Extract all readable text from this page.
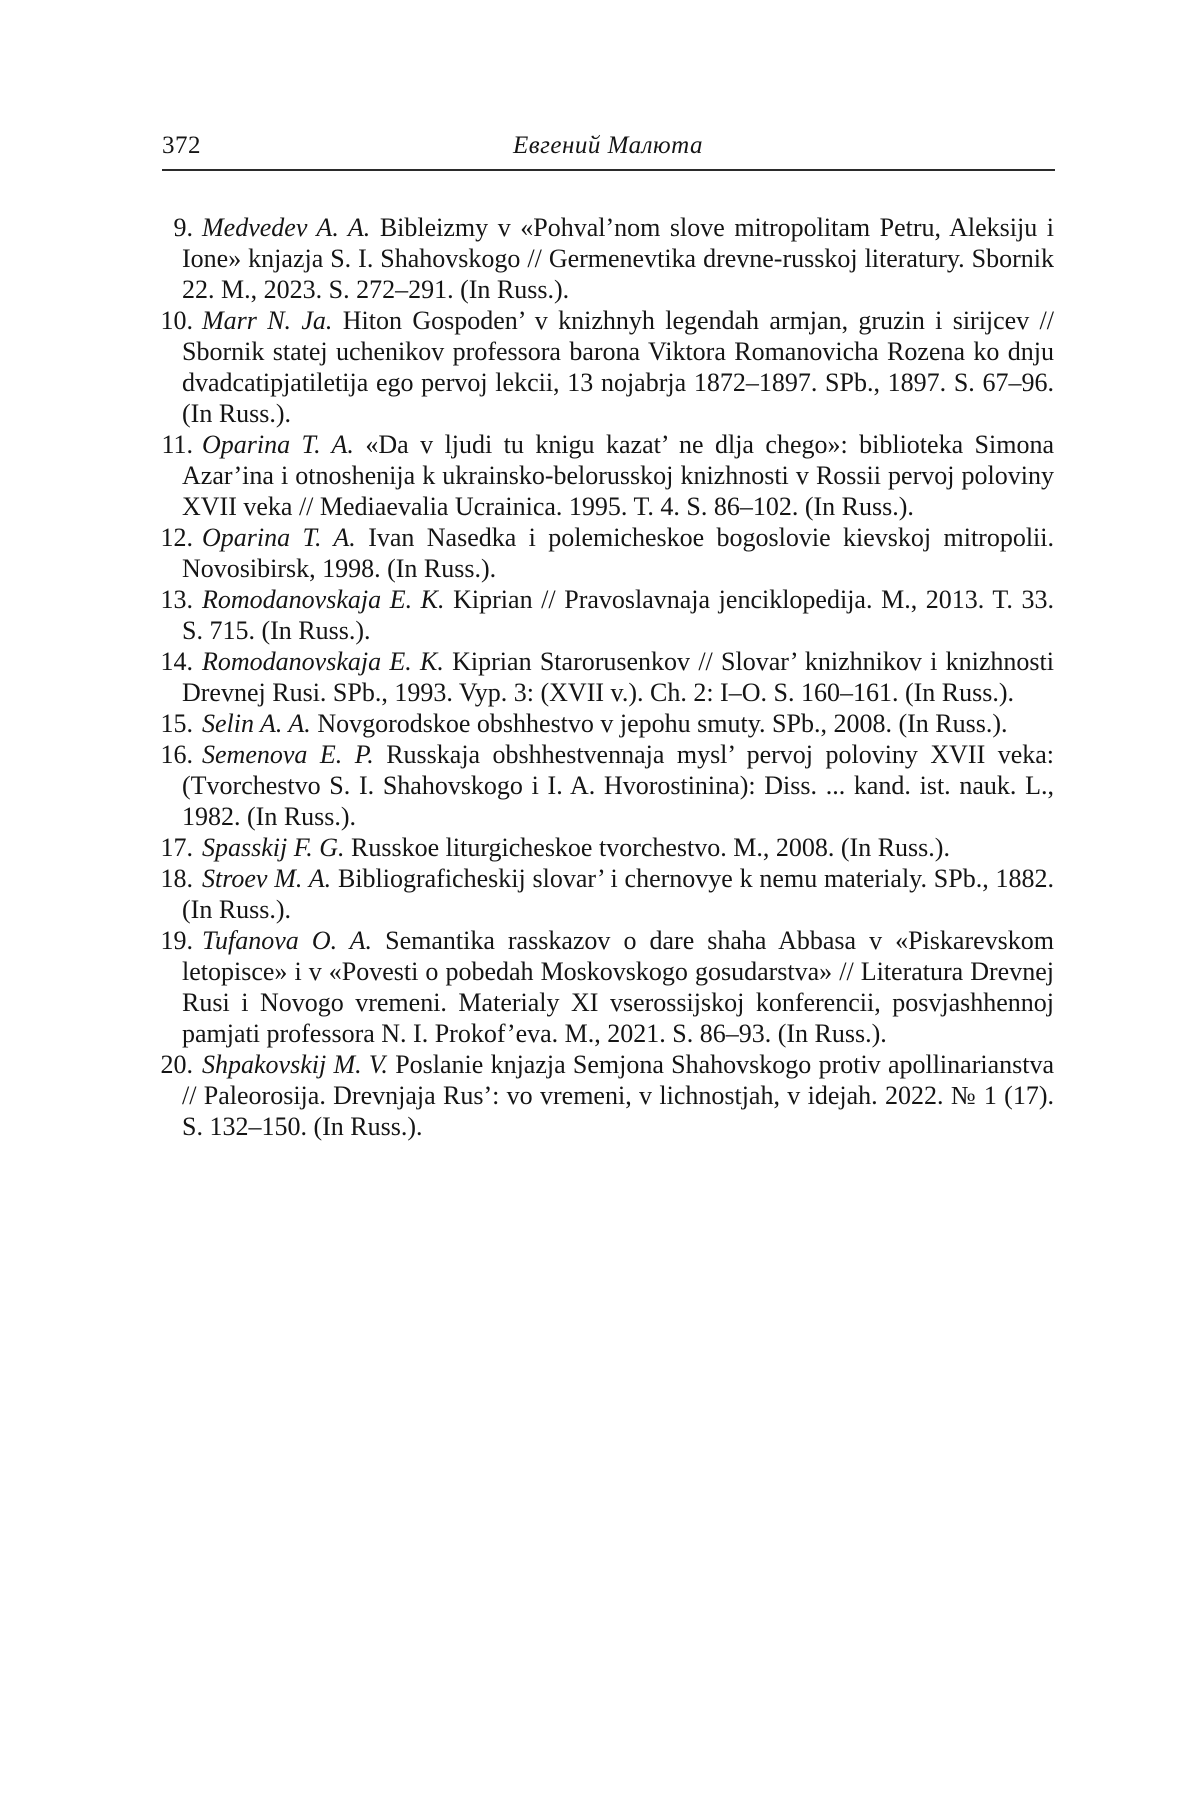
372	Евгений Малюта
9. Medvedev A. A. Bibleizmy v «Pohval’nom slove mitropolitam Petru, Aleksiju i Ione» knjazja S. I. Shahovskogo // Germenevtika drevne-russkoj literatury. Sbornik 22. M., 2023. S. 272–291. (In Russ.).
10. Marr N. Ja. Hiton Gospoden’ v knizhnyh legendah armjan, gruzin i sirijcev // Sbornik statej uchenikov professora barona Viktora Romanovicha Rozena ko dnju dvadcatipjatiletija ego pervoj lekcii, 13 nojabrja 1872–1897. SPb., 1897. S. 67–96. (In Russ.).
11. Oparina T. A. «Da v ljudi tu knigu kazat’ ne dlja chego»: biblioteka Simona Azar’ina i otnoshenija k ukrainsko-belorusskoj knizhnosti v Rossii pervoj poloviny XVII veka // Mediaevalia Ucrainica. 1995. T. 4. S. 86–102. (In Russ.).
12. Oparina T. A. Ivan Nasedka i polemicheskoe bogoslovie kievskoj mitropolii. Novosibirsk, 1998. (In Russ.).
13. Romodanovskaja E. K. Kiprian // Pravoslavnaja jenciklopedija. M., 2013. T. 33. S. 715. (In Russ.).
14. Romodanovskaja E. K. Kiprian Starorusenkov // Slovar’ knizhnikov i knizhnosti Drevnej Rusi. SPb., 1993. Vyp. 3: (XVII v.). Ch. 2: I–O. S. 160–161. (In Russ.).
15. Selin A. A. Novgorodskoe obshhestvo v jepohu smuty. SPb., 2008. (In Russ.).
16. Semenova E. P. Russkaja obshhestvennaja mysl’ pervoj poloviny XVII veka: (Tvorchestvo S. I. Shahovskogo i I. A. Hvorostinina): Diss. ... kand. ist. nauk. L., 1982. (In Russ.).
17. Spasskij F. G. Russkoe liturgicheskoe tvorchestvo. M., 2008. (In Russ.).
18. Stroev M. A. Bibliograficheskij slovar’ i chernovye k nemu materialy. SPb., 1882. (In Russ.).
19. Tufanova O. A. Semantika rasskazov o dare shaha Abbasa v «Piskarevskom letopisce» i v «Povesti o pobedah Moskovskogo gosudarstva» // Literatura Drevnej Rusi i Novogo vremeni. Materialy XI vserossijskoj konferencii, posvjashhennoj pamjati professora N. I. Prokof’eva. M., 2021. S. 86–93. (In Russ.).
20. Shpakovskij M. V. Poslanie knjazja Semjona Shahovskogo protiv apollinarianstva // Paleorosija. Drevnjaja Rus’: vo vremeni, v lichnostjah, v idejah. 2022. № 1 (17). S. 132–150. (In Russ.).
